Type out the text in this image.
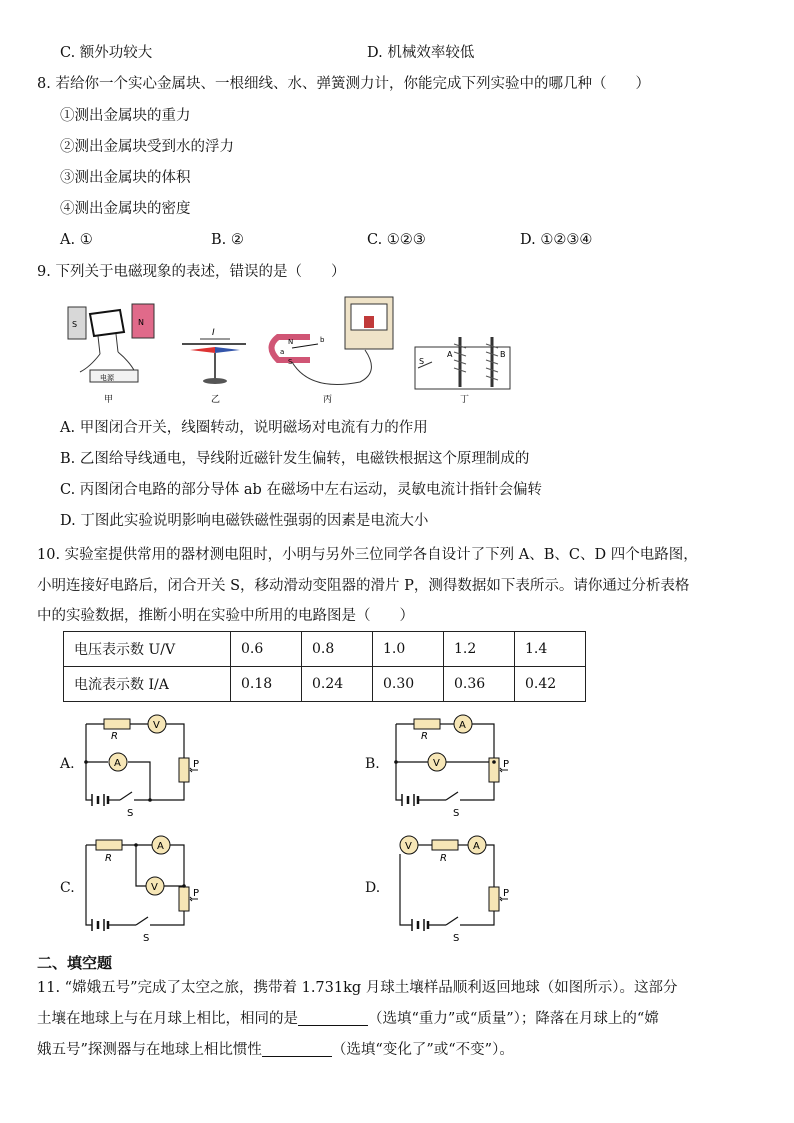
C. 额外功较大	D. 机械效率较低
8. 若给你一个实心金属块、一根细线、水、弹簧测力计，你能完成下列实验中的哪几种（　　）
①测出金属块的重力
②测出金属块受到水的浮力
③测出金属块的体积
④测出金属块的密度
A. ①	B. ②	C. ①②③	D. ①②③④
9. 下列关于电磁现象的表述，错误的是（　　）
S	N
电源
甲
I
乙
N
S
b
a
丙
S
A	B
丁
A. 甲图闭合开关，线圈转动，说明磁场对电流有力的作用
B. 乙图给导线通电，导线附近磁针发生偏转，电磁铁根据这个原理制成的
C. 丙图闭合电路的部分导体 ab 在磁场中左右运动，灵敏电流计指针会偏转
D. 丁图此实验说明影响电磁铁磁性强弱的因素是电流大小
10. 实验室提供常用的器材测电阻时，小明与另外三位同学各自设计了下列 A、B、C、D 四个电路图，
小明连接好电路后，闭合开关 S，移动滑动变阻器的滑片 P，测得数据如下表所示。请你通过分析表格
中的实验数据，推断小明在实验中所用的电路图是（　　）
电压表示数 U/V	0.6	0.8	1.0	1.2	1.4
电流表示数 I/A	0.18	0.24	0.30	0.36	0.42
A.
R
V
A	P
S
B.
R
A
V	P
S
C.
R
A
V
P
S
D.
V
R
A
P
S
二、填空题
11. “嫦娥五号”完成了太空之旅，携带着 1.731kg 月球土壤样品顺利返回地球（如图所示）。这部分
土壤在地球上与在月球上相比，相同的是	（选填“重力”或“质量”）；降落在月球上的“嫦
娥五号”探测器与在地球上相比惯性	（选填“变化了”或“不变”）。
